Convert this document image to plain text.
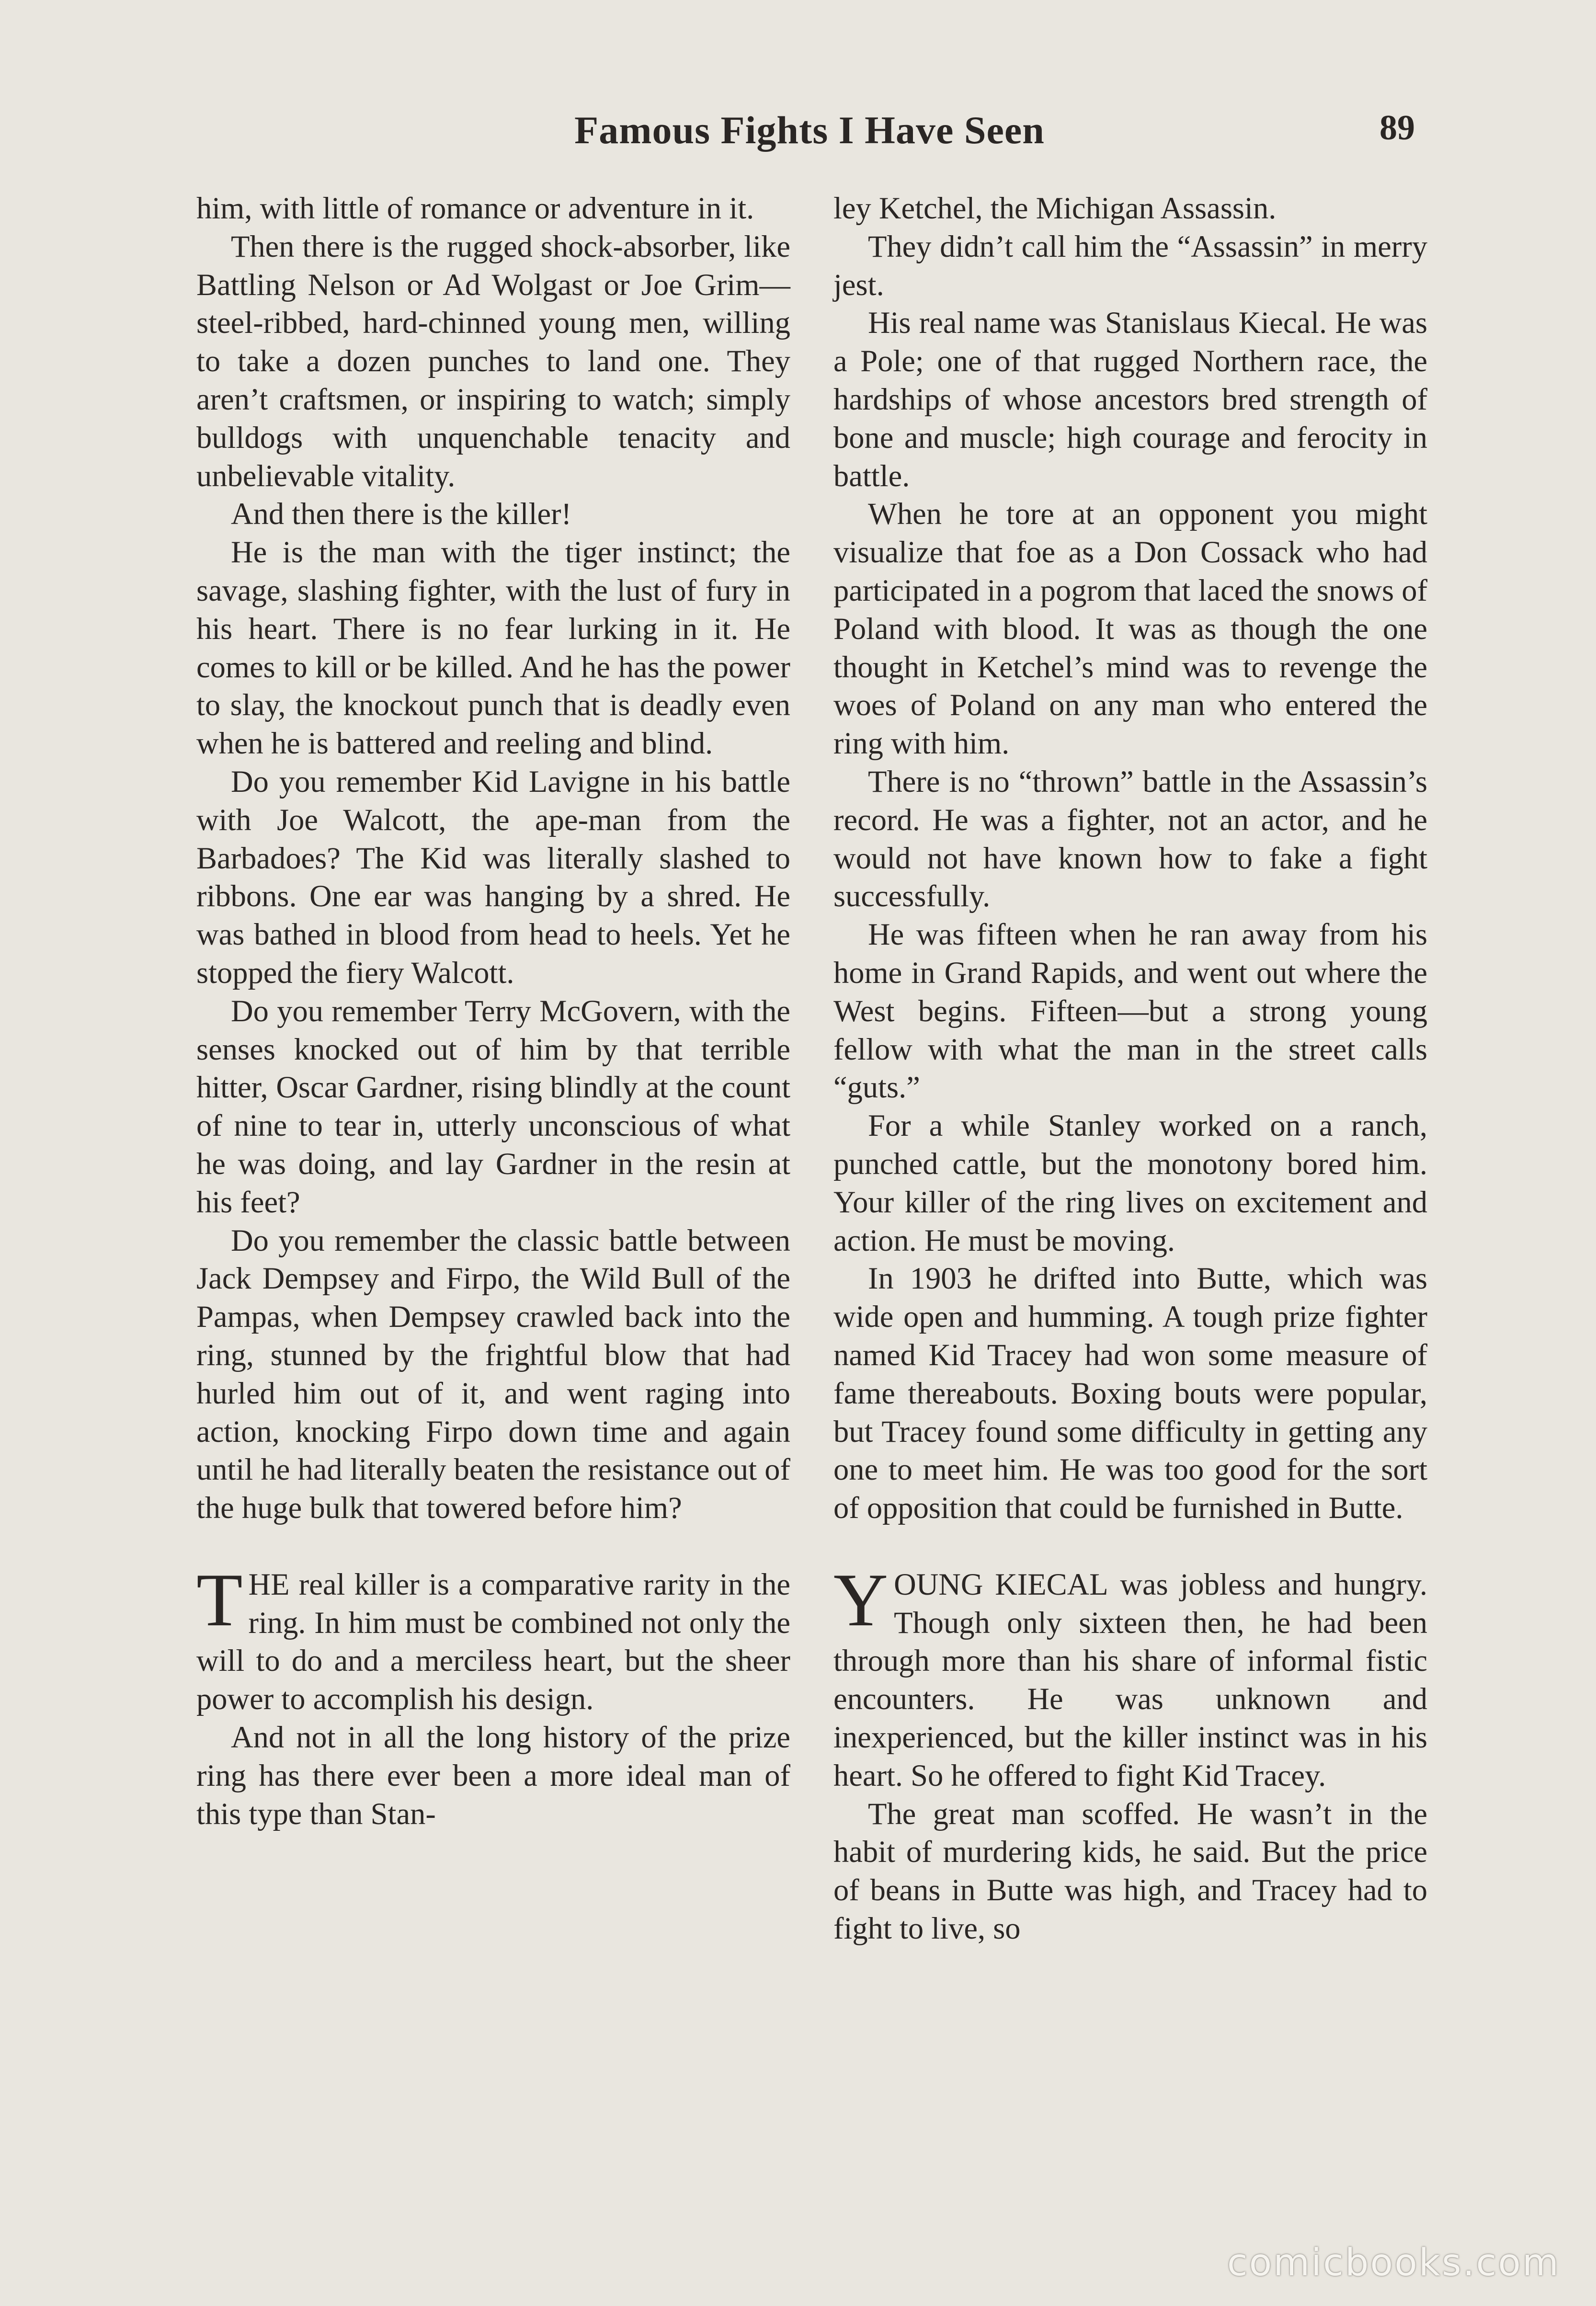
Famous Fights I Have Seen	89

him, with little of romance or adventure in it.

Then there is the rugged shock-absorber, like Battling Nelson or Ad Wolgast or Joe Grim—steel-ribbed, hard-chinned young men, willing to take a dozen punches to land one. They aren’t craftsmen, or inspiring to watch; simply bulldogs with unquenchable tenacity and unbelievable vitality.

And then there is the killer!

He is the man with the tiger instinct; the savage, slashing fighter, with the lust of fury in his heart. There is no fear lurking in it. He comes to kill or be killed. And he has the power to slay, the knockout punch that is deadly even when he is battered and reeling and blind.

Do you remember Kid Lavigne in his battle with Joe Walcott, the ape-man from the Barbadoes? The Kid was literally slashed to ribbons. One ear was hanging by a shred. He was bathed in blood from head to heels. Yet he stopped the fiery Walcott.

Do you remember Terry McGovern, with the senses knocked out of him by that terrible hitter, Oscar Gardner, rising blindly at the count of nine to tear in, utterly unconscious of what he was doing, and lay Gardner in the resin at his feet?

Do you remember the classic battle between Jack Dempsey and Firpo, the Wild Bull of the Pampas, when Dempsey crawled back into the ring, stunned by the frightful blow that had hurled him out of it, and went raging into action, knocking Firpo down time and again until he had literally beaten the resistance out of the huge bulk that towered before him?

THE real killer is a comparative rarity in the ring. In him must be combined not only the will to do and a merciless heart, but the sheer power to accomplish his design.

And not in all the long history of the prize ring has there ever been a more ideal man of this type than Stan-

ley Ketchel, the Michigan Assassin.

They didn’t call him the “Assassin” in merry jest.

His real name was Stanislaus Kiecal. He was a Pole; one of that rugged Northern race, the hardships of whose ancestors bred strength of bone and muscle; high courage and ferocity in battle.

When he tore at an opponent you might visualize that foe as a Don Cossack who had participated in a pogrom that laced the snows of Poland with blood. It was as though the one thought in Ketchel’s mind was to revenge the woes of Poland on any man who entered the ring with him.

There is no “thrown” battle in the Assassin’s record. He was a fighter, not an actor, and he would not have known how to fake a fight successfully.

He was fifteen when he ran away from his home in Grand Rapids, and went out where the West begins. Fifteen—but a strong young fellow with what the man in the street calls “guts.”

For a while Stanley worked on a ranch, punched cattle, but the monotony bored him. Your killer of the ring lives on excitement and action. He must be moving.

In 1903 he drifted into Butte, which was wide open and humming. A tough prize fighter named Kid Tracey had won some measure of fame thereabouts. Boxing bouts were popular, but Tracey found some difficulty in getting any one to meet him. He was too good for the sort of opposition that could be furnished in Butte.

YOUNG KIECAL was jobless and hungry. Though only sixteen then, he had been through more than his share of informal fistic encounters. He was unknown and inexperienced, but the killer instinct was in his heart. So he offered to fight Kid Tracey.

The great man scoffed. He wasn’t in the habit of murdering kids, he said. But the price of beans in Butte was high, and Tracey had to fight to live, so

comicbooks.com
